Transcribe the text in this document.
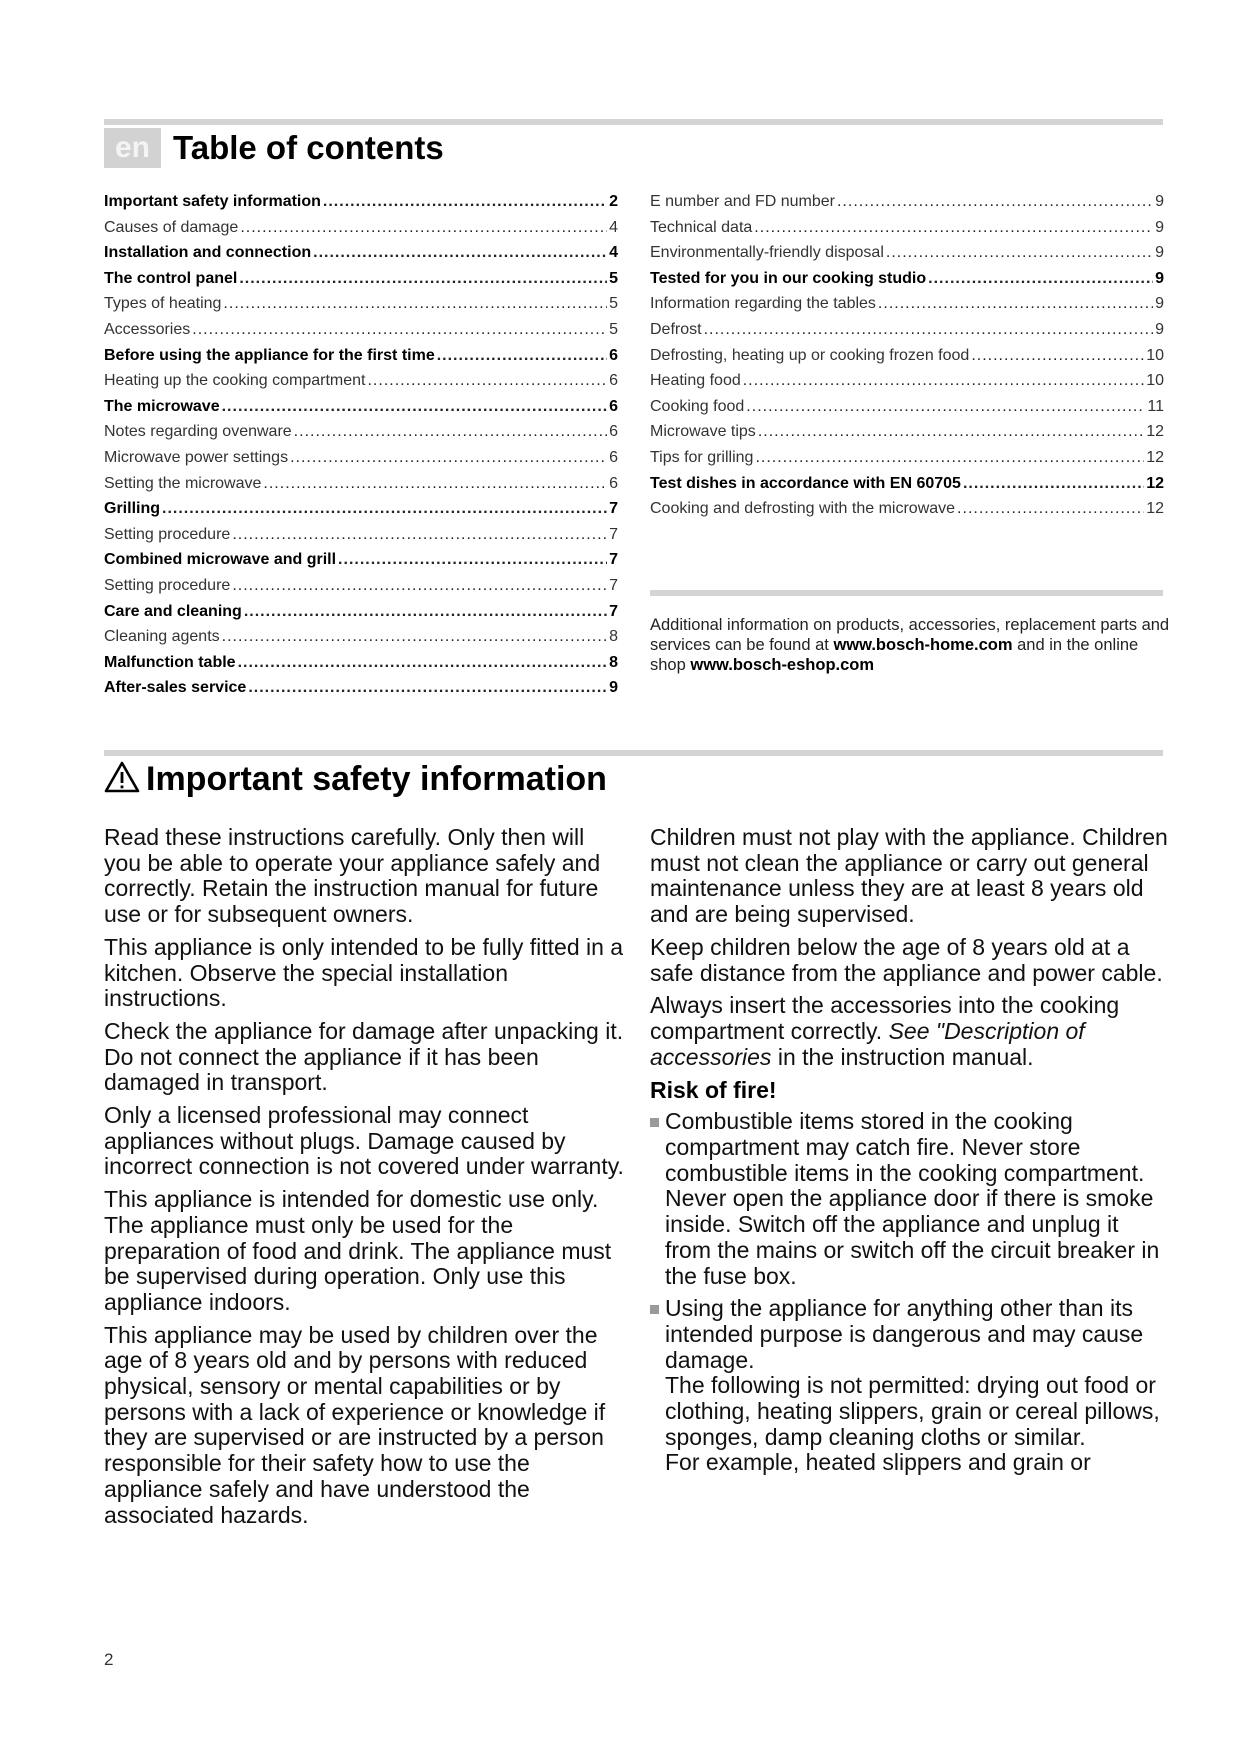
en Table of contents
Important safety information .....	2
Causes of damage .....	4
Installation and connection .....	4
The control panel .....	5
Types of heating .....	5
Accessories .....	5
Before using the appliance for the first time .....	6
Heating up the cooking compartment .....	6
The microwave .....	6
Notes regarding ovenware .....	6
Microwave power settings .....	6
Setting the microwave .....	6
Grilling .....	7
Setting procedure .....	7
Combined microwave and grill .....	7
Setting procedure .....	7
Care and cleaning .....	7
Cleaning agents .....	8
Malfunction table .....	8
After-sales service .....	9
E number and FD number .....	9
Technical data .....	9
Environmentally-friendly disposal .....	9
Tested for you in our cooking studio .....	9
Information regarding the tables .....	9
Defrost .....	9
Defrosting, heating up or cooking frozen food .....	10
Heating food .....	10
Cooking food .....	11
Microwave tips .....	12
Tips for grilling .....	12
Test dishes in accordance with EN 60705 .....	12
Cooking and defrosting with the microwave .....	12
Additional information on products, accessories, replacement parts and services can be found at www.bosch-home.com and in the online shop www.bosch-eshop.com
Important safety information

Read these instructions carefully. Only then will you be able to operate your appliance safely and correctly. Retain the instruction manual for future use or for subsequent owners.

This appliance is only intended to be fully fitted in a kitchen. Observe the special installation instructions.

Check the appliance for damage after unpacking it. Do not connect the appliance if it has been damaged in transport.

Only a licensed professional may connect appliances without plugs. Damage caused by incorrect connection is not covered under warranty.

This appliance is intended for domestic use only. The appliance must only be used for the preparation of food and drink. The appliance must be supervised during operation. Only use this appliance indoors.

This appliance may be used by children over the age of 8 years old and by persons with reduced physical, sensory or mental capabilities or by persons with a lack of experience or knowledge if they are supervised or are instructed by a person responsible for their safety how to use the appliance safely and have understood the associated hazards.

Children must not play with the appliance. Children must not clean the appliance or carry out general maintenance unless they are at least 8 years old and are being supervised.

Keep children below the age of 8 years old at a safe distance from the appliance and power cable.

Always insert the accessories into the cooking compartment correctly. See "Description of accessories in the instruction manual.

Risk of fire!
Combustible items stored in the cooking compartment may catch fire. Never store combustible items in the cooking compartment. Never open the appliance door if there is smoke inside. Switch off the appliance and unplug it from the mains or switch off the circuit breaker in the fuse box.
Using the appliance for anything other than its intended purpose is dangerous and may cause damage.
The following is not permitted: drying out food or clothing, heating slippers, grain or cereal pillows, sponges, damp cleaning cloths or similar.
For example, heated slippers and grain or
2
